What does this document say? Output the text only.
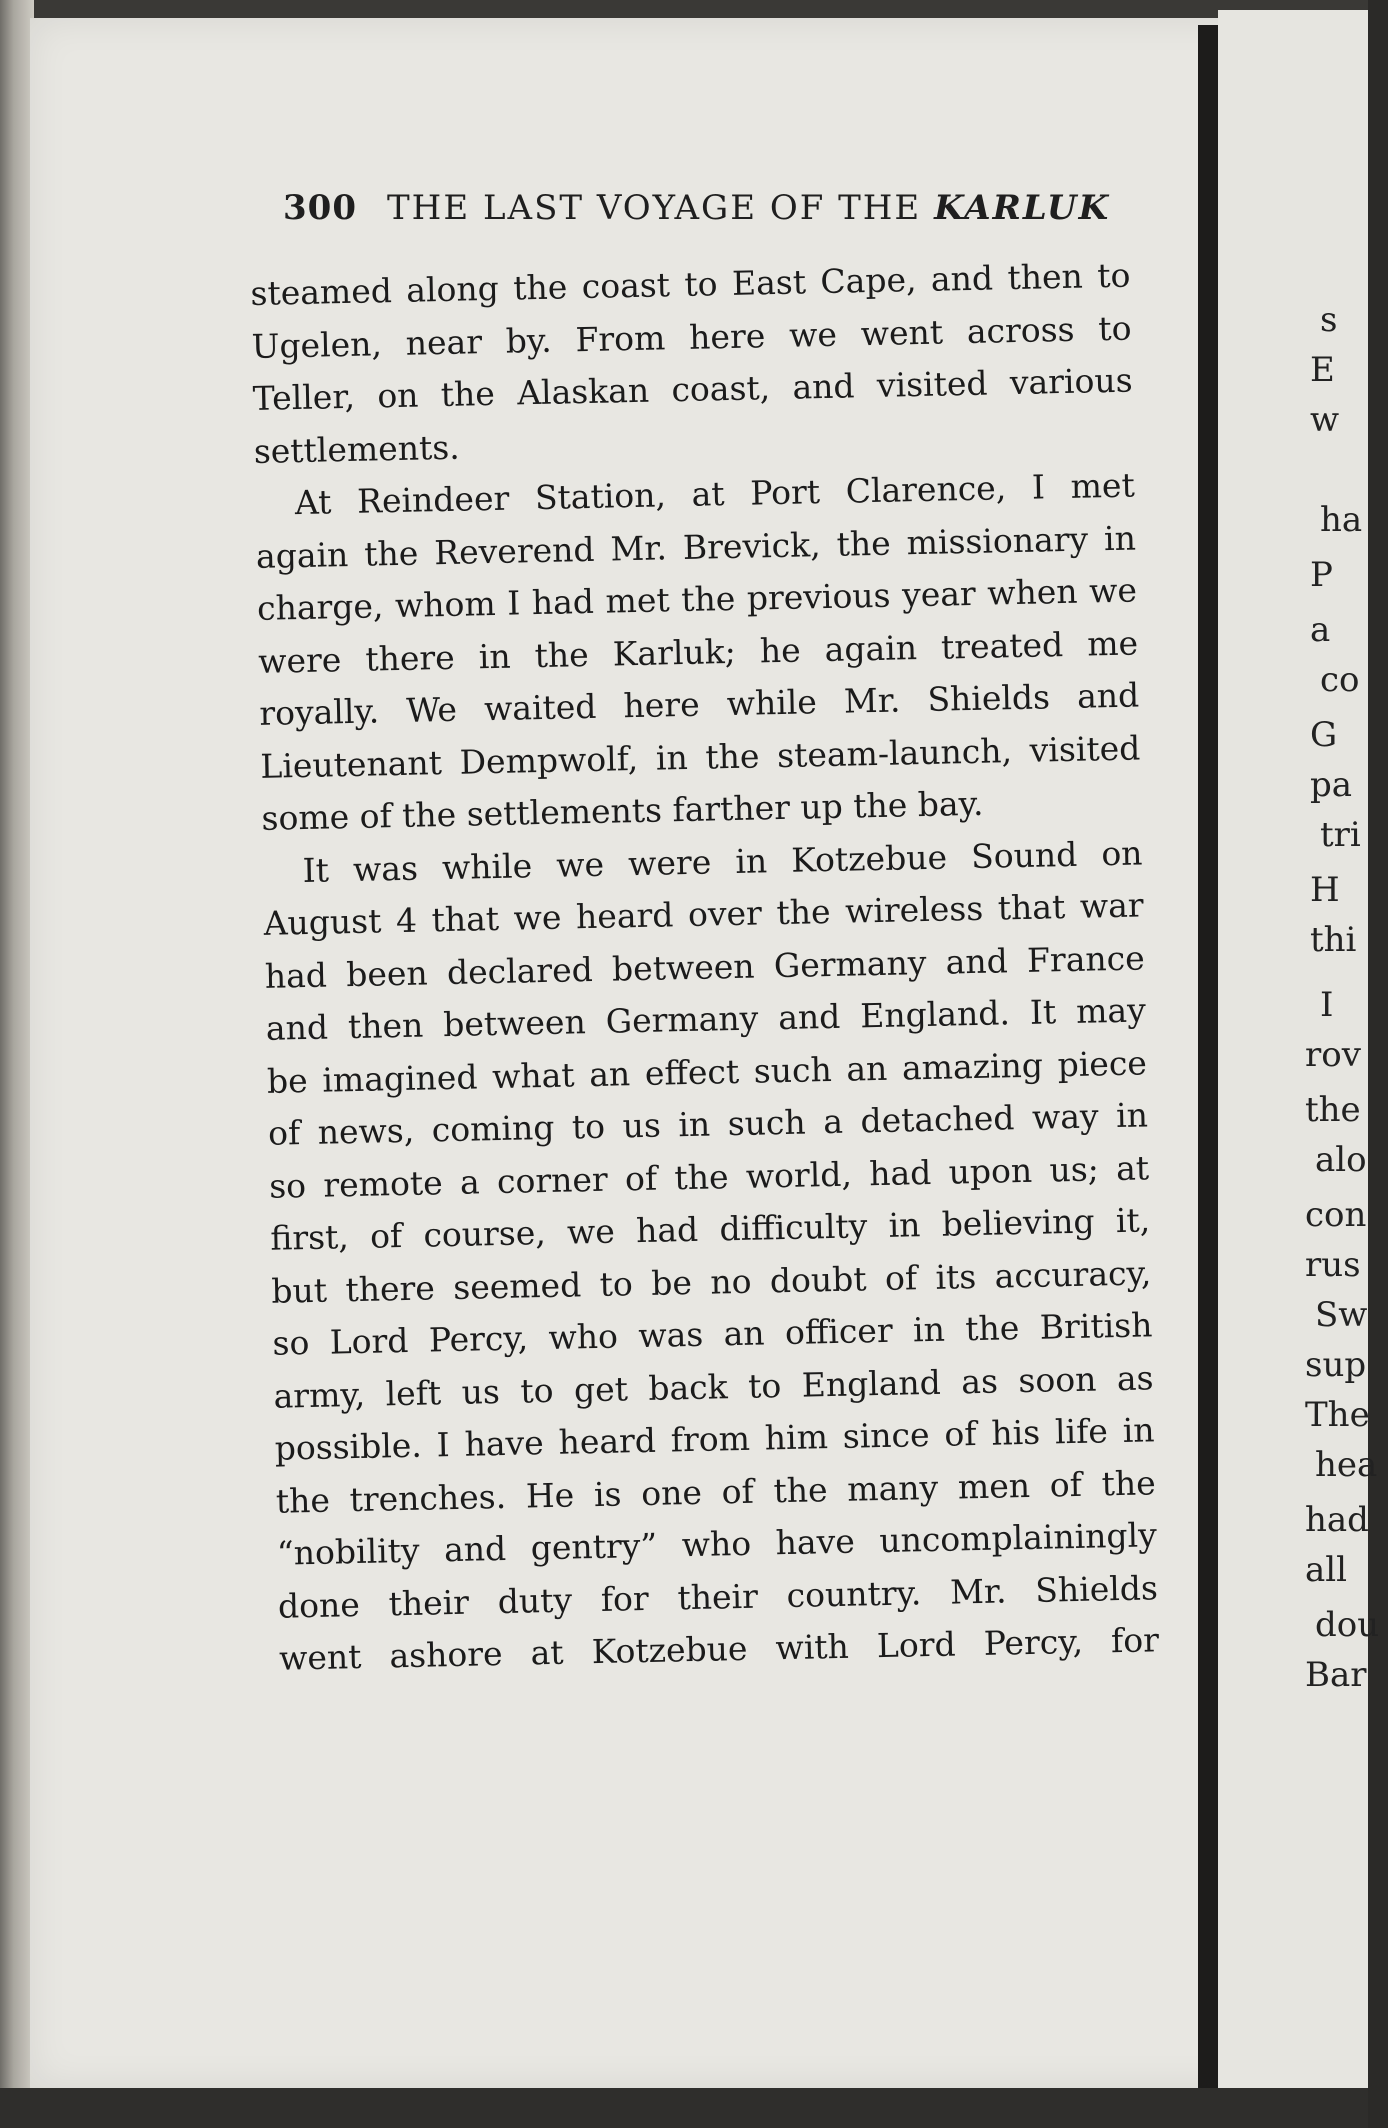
s
E
w
ha
P
a
co
G
pa
tri
H
thi
I
rov
the
alo
con
rus
Sw
sup
The
hea
had
all
dou
Bar
300 THE LAST VOYAGE OF THE KARLUK
steamed along the coast to East Cape, and then to
Ugelen, near by. From here we went across to
Teller, on the Alaskan coast, and visited various
settlements.
At Reindeer Station, at Port Clarence, I met
again the Reverend Mr. Brevick, the missionary in
charge, whom I had met the previous year when we
were there in the Karluk; he again treated me
royally. We waited here while Mr. Shields and
Lieutenant Dempwolf, in the steam-launch, visited
some of the settlements farther up the bay.
It was while we were in Kotzebue Sound on
August 4 that we heard over the wireless that war
had been declared between Germany and France
and then between Germany and England. It may
be imagined what an effect such an amazing piece
of news, coming to us in such a detached way in
so remote a corner of the world, had upon us; at
first, of course, we had difficulty in believing it,
but there seemed to be no doubt of its accuracy,
so Lord Percy, who was an officer in the British
army, left us to get back to England as soon as
possible. I have heard from him since of his life in
the trenches. He is one of the many men of the
“nobility and gentry” who have uncomplainingly
done their duty for their country. Mr. Shields
went ashore at Kotzebue with Lord Percy, for
